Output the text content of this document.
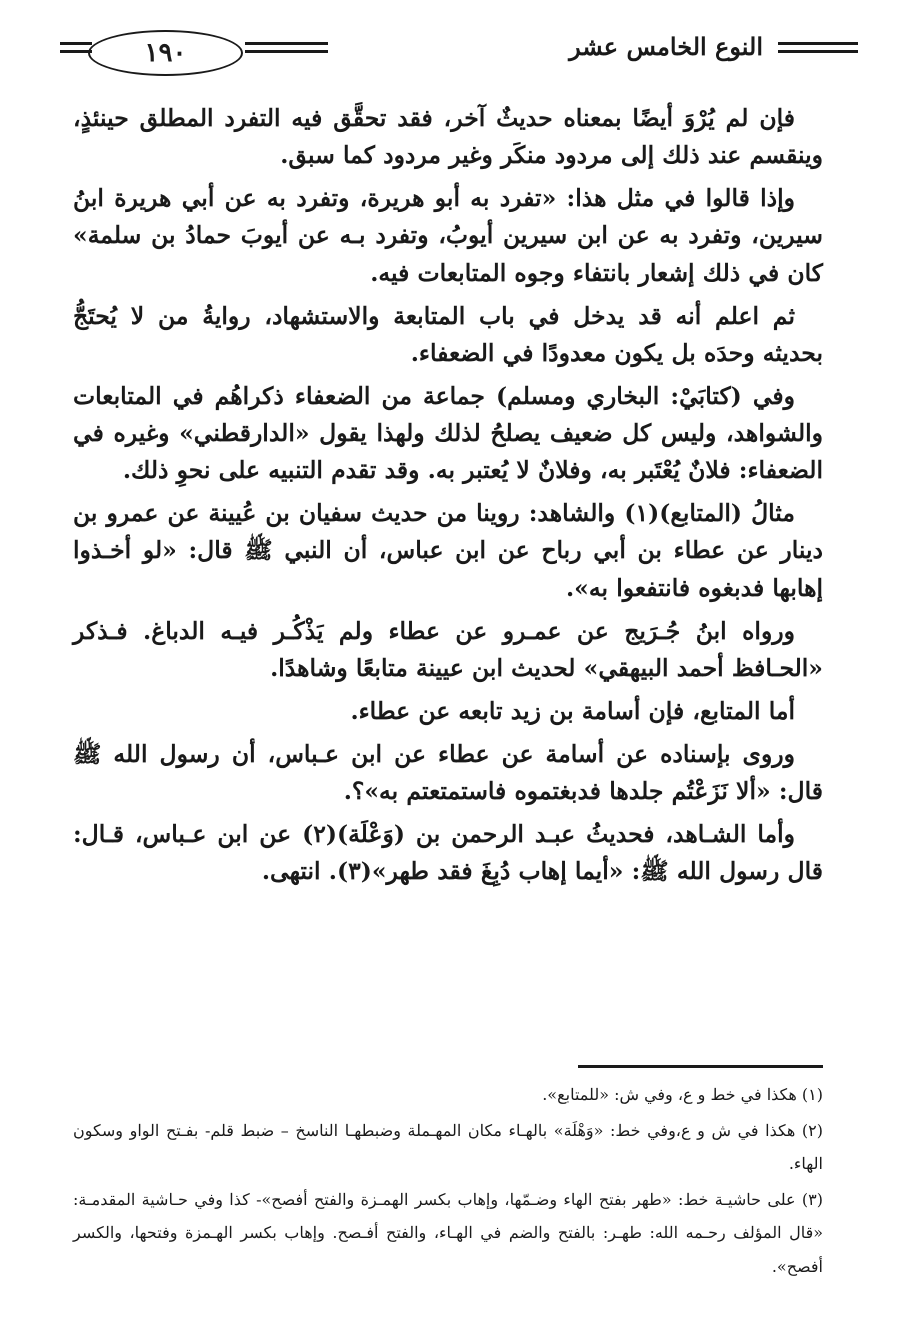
النوع الخامس عشر
١٩٠

فإن لم يُرْوَ أيضًا بمعناه حديثٌ آخر، فقد تحقَّق فيه التفرد المطلق حينئذٍ، وينقسم عند ذلك إلى مردود منكَر وغير مردود كما سبق.

وإذا قالوا في مثل هذا: «تفرد به أبو هريرة، وتفرد به عن أبي هريرة ابنُ سيرين، وتفرد به عن ابن سيرين أيوبُ، وتفرد بـه عن أيوبَ حمادُ بن سلمة» كان في ذلك إشعار بانتفاء وجوه المتابعات فيه.

ثم اعلم أنه قد يدخل في باب المتابعة والاستشهاد، روايةُ من لا يُحتَجُّ بحديثه وحدَه بل يكون معدودًا في الضعفاء.

وفي (كتابَيْ: البخاري ومسلم) جماعة من الضعفاء ذكراهُم في المتابعات والشواهد، وليس كل ضعيف يصلحُ لذلك ولهذا يقول «الدارقطني» وغيره في الضعفاء: فلانٌ يُعْتَبر به، وفلانٌ لا يُعتبر به. وقد تقدم التنبيه على نحوِ ذلك.

مثالُ (المتابع)(١) والشاهد: روينا من حديث سفيان بن عُيينة عن عمرو بن دينار عن عطاء بن أبي رباح عن ابن عباس، أن النبي ﷺ قال: «لو أخـذوا إهابها فدبغوه فانتفعوا به».

ورواه ابنُ جُـرَيج عن عمـرو عن عطاء ولم يَذْكُـر فيـه الدباغ. فـذكر «الحـافظ أحمد البيهقي» لحديث ابن عيينة متابعًا وشاهدًا.

أما المتابع، فإن أسامة بن زيد تابعه عن عطاء.

وروى بإسناده عن أسامة عن عطاء عن ابن عـباس، أن رسول الله ﷺ قال: «ألا نَزَعْتُم جلدها فدبغتموه فاستمتعتم به»؟.

وأما الشـاهد، فحديثُ عبـد الرحمن بن (وَعْلَة)(٢) عن ابن عـباس، قـال: قال رسول الله ﷺ: «أيما إهاب دُبِغَ فقد طهر»(٣). انتهى.

(١) هكذا في خط و ع، وفي ش: «للمتابع».

(٢) هكذا في ش و ع،وفي خط: «وَهْلَة» بالهـاء مكان المهـملة وضبطهـا الناسخ – ضبط قلم- بفـتح الواو وسكون الهاء.

(٣) على حاشيـة خط: «طهر بفتح الهاء وضـمّها، وإهاب بكسر الهمـزة والفتح أفصح»- كذا وفي حـاشية المقدمـة: «قال المؤلف رحـمه الله: طهـر: بالفتح والضم في الهـاء، والفتح أفـصح. وإهاب بكسر الهـمزة وفتحها، والكسر أفصح».
